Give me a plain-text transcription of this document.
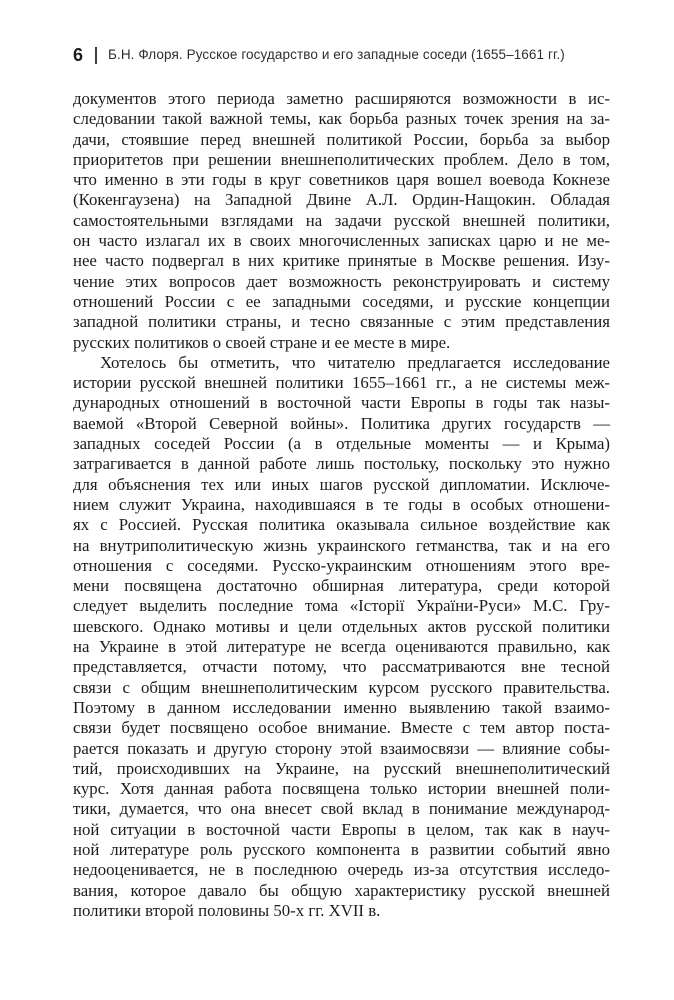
6 Б.Н. Флоря. Русское государство и его западные соседи (1655–1661 гг.)
документов этого периода заметно расширяются возможности в ис-
следовании такой важной темы, как борьба разных точек зрения на за-
дачи, стоявшие перед внешней политикой России, борьба за выбор
приоритетов при решении внешнеполитических проблем. Дело в том,
что именно в эти годы в круг советников царя вошел воевода Кокнезе
(Кокенгаузена) на Западной Двине А.Л. Ордин-Нащокин. Обладая
самостоятельными взглядами на задачи русской внешней политики,
он часто излагал их в своих многочисленных записках царю и не ме-
нее часто подвергал в них критике принятые в Москве решения. Изу-
чение этих вопросов дает возможность реконструировать и систему
отношений России с ее западными соседями, и русские концепции
западной политики страны, и тесно связанные с этим представления
русских политиков о своей стране и ее месте в мире.
Хотелось бы отметить, что читателю предлагается исследование
истории русской внешней политики 1655–1661 гг., а не системы меж-
дународных отношений в восточной части Европы в годы так назы-
ваемой «Второй Северной войны». Политика других государств —
западных соседей России (а в отдельные моменты — и Крыма)
затрагивается в данной работе лишь постольку, поскольку это нужно
для объяснения тех или иных шагов русской дипломатии. Исключе-
нием служит Украина, находившаяся в те годы в особых отношени-
ях с Россией. Русская политика оказывала сильное воздействие как
на внутриполитическую жизнь украинского гетманства, так и на его
отношения с соседями. Русско-украинским отношениям этого вре-
мени посвящена достаточно обширная литература, среди которой
следует выделить последние тома «Історії України-Руси» М.С. Гру-
шевского. Однако мотивы и цели отдельных актов русской политики
на Украине в этой литературе не всегда оцениваются правильно, как
представляется, отчасти потому, что рассматриваются вне тесной
связи с общим внешнеполитическим курсом русского правительства.
Поэтому в данном исследовании именно выявлению такой взаимо-
связи будет посвящено особое внимание. Вместе с тем автор поста-
рается показать и другую сторону этой взаимосвязи — влияние собы-
тий, происходивших на Украине, на русский внешнеполитический
курс. Хотя данная работа посвящена только истории внешней поли-
тики, думается, что она внесет свой вклад в понимание международ-
ной ситуации в восточной части Европы в целом, так как в науч-
ной литературе роль русского компонента в развитии событий явно
недооценивается, не в последнюю очередь из-за отсутствия исследо-
вания, которое давало бы общую характеристику русской внешней
политики второй половины 50-х гг. XVII в.
